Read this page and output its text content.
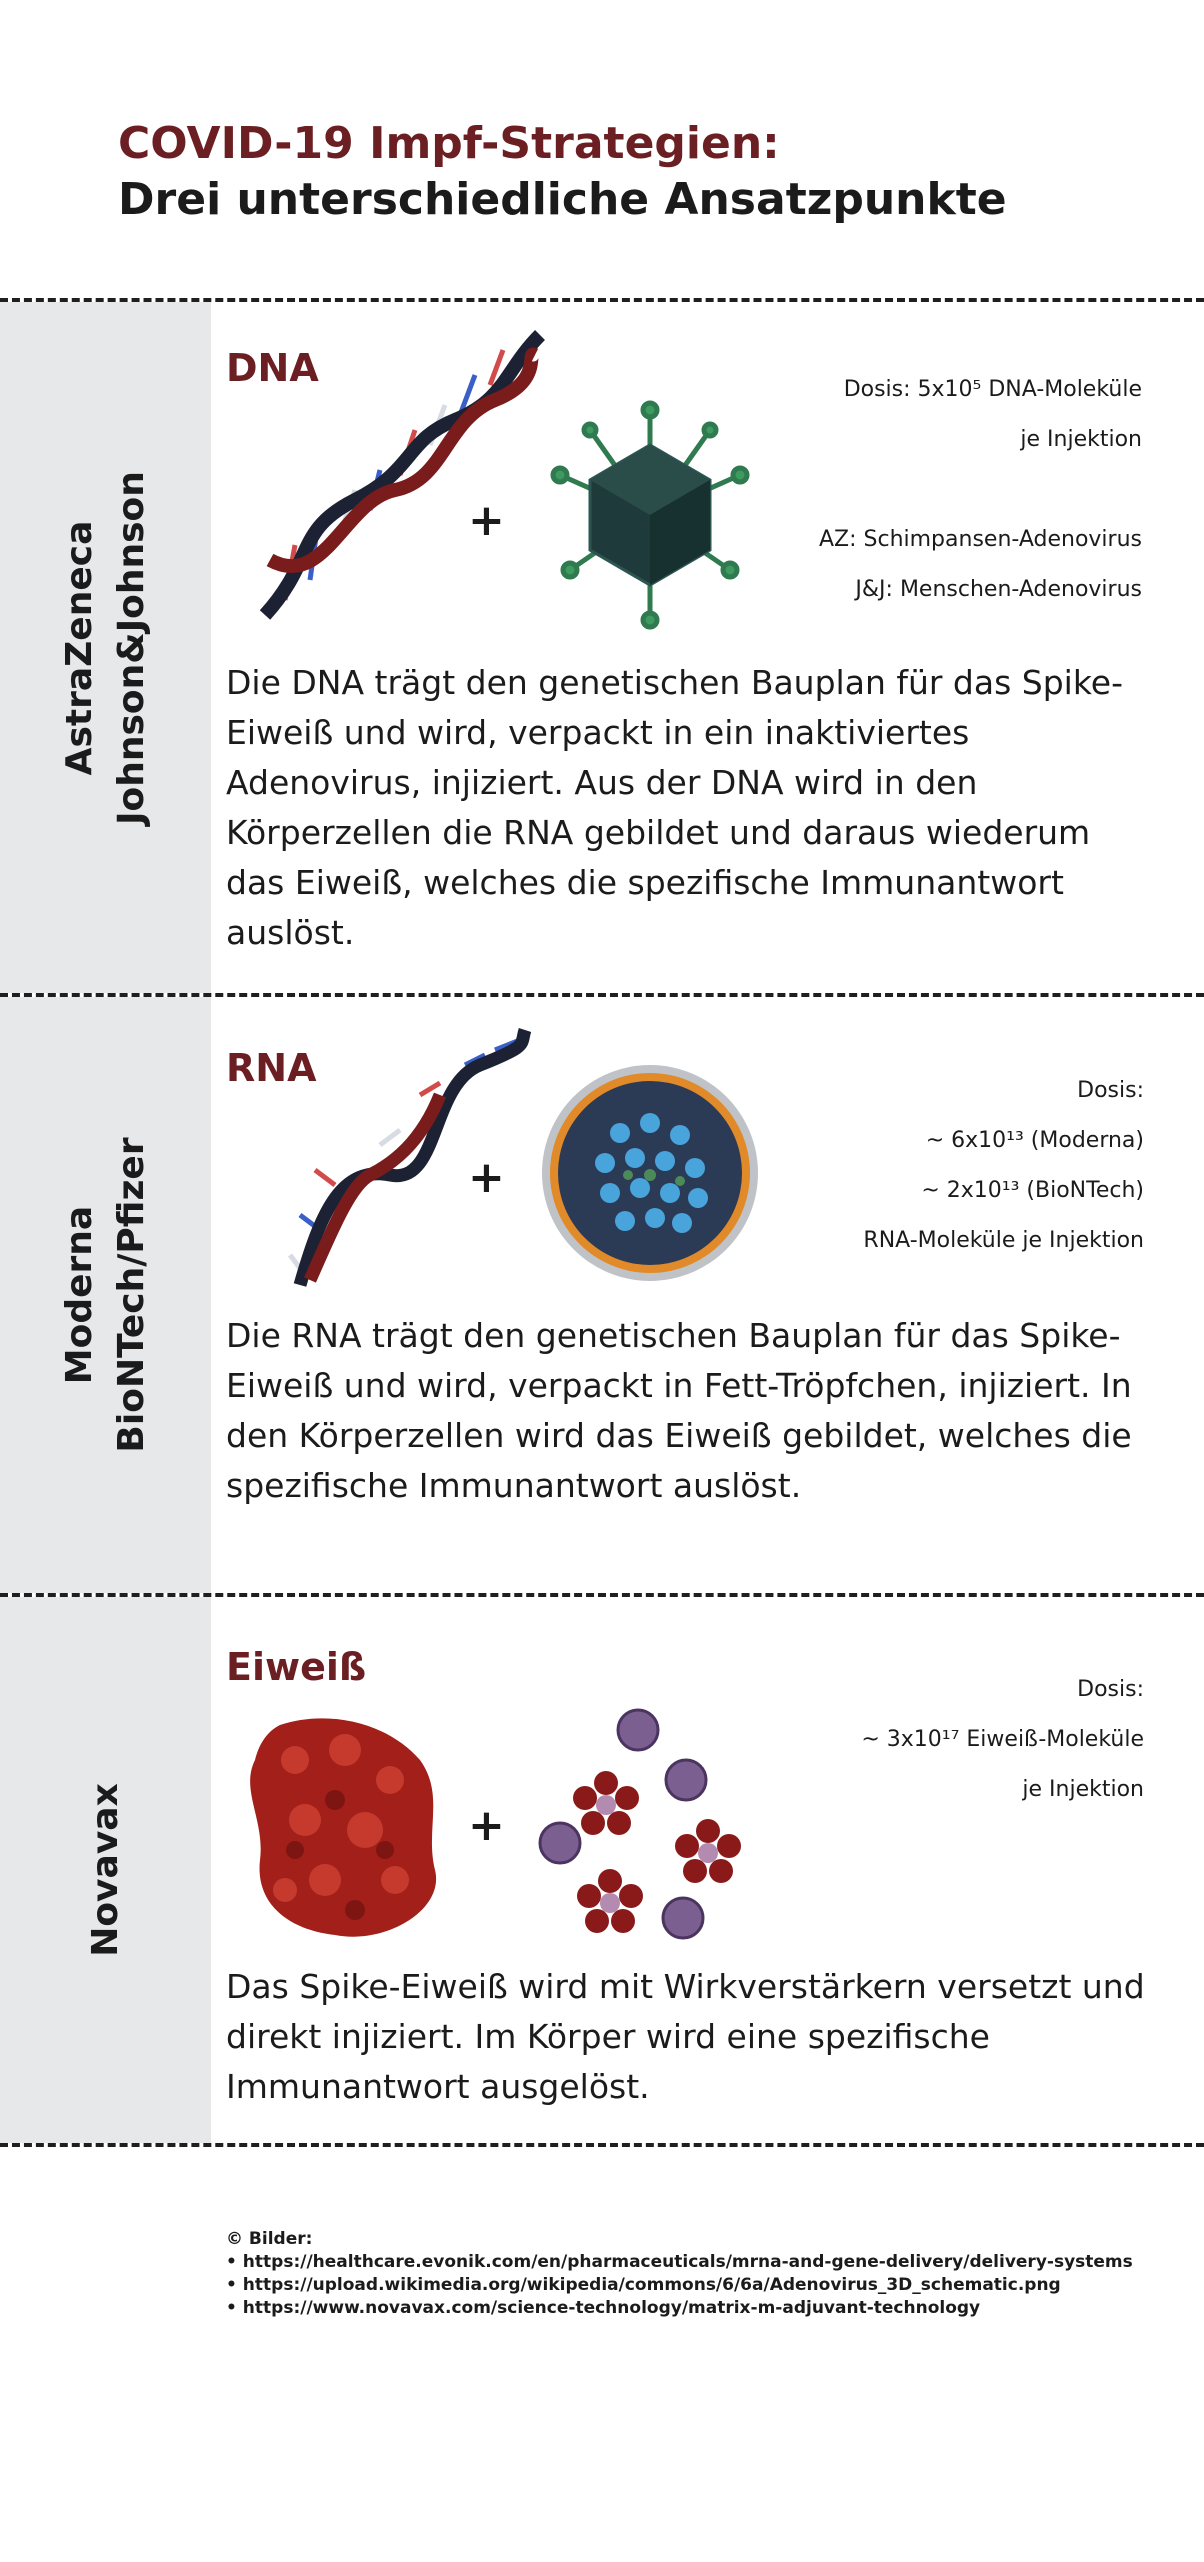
COVID-19 Impf-Strategien:
Drei unterschiedliche Ansatzpunkte
AstraZeneca Johnson&Johnson
DNA
+
Dosis: 5x10⁵ DNA-Moleküle
je Injektion
AZ: Schimpansen-Adenovirus
J&J: Menschen-Adenovirus

Die DNA trägt den genetischen Bauplan für das Spike-Eiweiß und wird, verpackt in ein inaktiviertes Adenovirus, injiziert. Aus der DNA wird in den Körperzellen die RNA gebildet und daraus wiederum das Eiweiß, welches die spezifische Immunantwort auslöst.

Moderna BioNTech/Pfizer
RNA
+
Dosis:
~ 6x10¹³ (Moderna)
~ 2x10¹³ (BioNTech)
RNA-Moleküle je Injektion

Die RNA trägt den genetischen Bauplan für das Spike-Eiweiß und wird, verpackt in Fett-Tröpfchen, injiziert. In den Körperzellen wird das Eiweiß gebildet, welches die spezifische Immunantwort auslöst.

Novavax
Eiweiß
+
Dosis:
~ 3x10¹⁷ Eiweiß-Moleküle
je Injektion

Das Spike-Eiweiß wird mit Wirkverstärkern versetzt und direkt injiziert. Im Körper wird eine spezifische Immunantwort ausgelöst.

© Bilder:
• https://healthcare.evonik.com/en/pharmaceuticals/mrna-and-gene-delivery/delivery-systems
• https://upload.wikimedia.org/wikipedia/commons/6/6a/Adenovirus_3D_schematic.png
• https://www.novavax.com/science-technology/matrix-m-adjuvant-technology
